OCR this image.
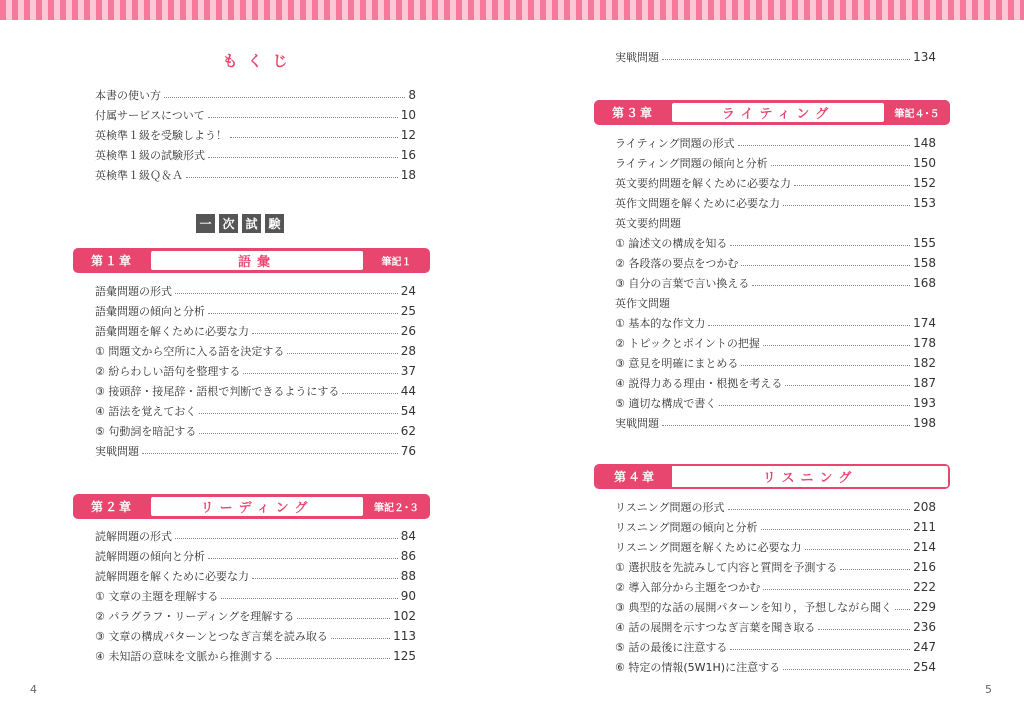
もくじ
本書の使い方	8
付属サービスについて	10
英検準１級を受験しよう！	12
英検準１級の試験形式	16
英検準１級Ｑ＆Ａ	18
一 次 試 験
第１章	語彙	筆記１
語彙問題の形式	24
語彙問題の傾向と分析	25
語彙問題を解くために必要な力	26
① 問題文から空所に入る語を決定する	28
② 紛らわしい語句を整理する	37
③ 接頭辞・接尾辞・語根で判断できるようにする	44
④ 語法を覚えておく	54
⑤ 句動詞を暗記する	62
実戦問題	76
第２章	リーディング	筆記２･３
読解問題の形式	84
読解問題の傾向と分析	86
読解問題を解くために必要な力	88
① 文章の主題を理解する	90
② パラグラフ・リーディングを理解する	102
③ 文章の構成パターンとつなぎ言葉を読み取る	113
④ 未知語の意味を文脈から推測する	125
4
実戦問題	134
第３章	ライティング	筆記４･５
ライティング問題の形式	148
ライティング問題の傾向と分析	150
英文要約問題を解くために必要な力	152
英作文問題を解くために必要な力	153
英文要約問題
① 論述文の構成を知る	155
② 各段落の要点をつかむ	158
③ 自分の言葉で言い換える	168
英作文問題
① 基本的な作文力	174
② トピックとポイントの把握	178
③ 意見を明確にまとめる	182
④ 説得力ある理由・根拠を考える	187
⑤ 適切な構成で書く	193
実戦問題	198
第４章	リスニング
リスニング問題の形式	208
リスニング問題の傾向と分析	211
リスニング問題を解くために必要な力	214
① 選択肢を先読みして内容と質問を予測する	216
② 導入部分から主題をつかむ	222
③ 典型的な話の展開パターンを知り，予想しながら聞く 229
④ 話の展開を示すつなぎ言葉を聞き取る	236
⑤ 話の最後に注意する	247
⑥ 特定の情報(5W1H)に注意する	254
5
